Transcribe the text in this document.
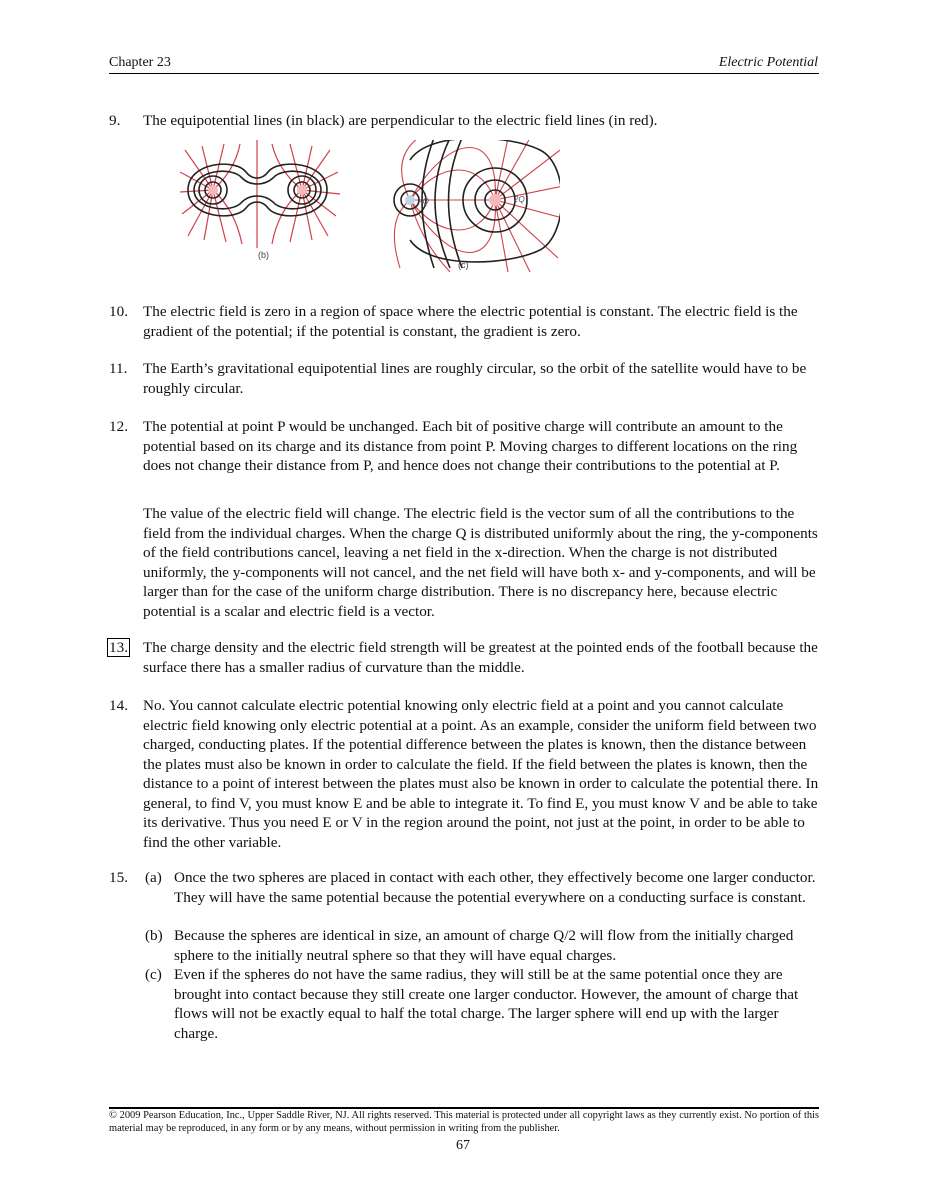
Chapter 23	Electric Potential
9. The equipotential lines (in black) are perpendicular to the electric field lines (in red).
(b)
−Q	2Q
(c)
10. The electric field is zero in a region of space where the electric potential is constant. The electric field is the gradient of the potential; if the potential is constant, the gradient is zero.
11. The Earth’s gravitational equipotential lines are roughly circular, so the orbit of the satellite would have to be roughly circular.
12. The potential at point P would be unchanged. Each bit of positive charge will contribute an amount to the potential based on its charge and its distance from point P. Moving charges to different locations on the ring does not change their distance from P, and hence does not change their contributions to the potential at P.
The value of the electric field will change. The electric field is the vector sum of all the contributions to the field from the individual charges. When the charge Q is distributed uniformly about the ring, the y-components of the field contributions cancel, leaving a net field in the x-direction. When the charge is not distributed uniformly, the y-components will not cancel, and the net field will have both x- and y-components, and will be larger than for the case of the uniform charge distribution. There is no discrepancy here, because electric potential is a scalar and electric field is a vector.
13. The charge density and the electric field strength will be greatest at the pointed ends of the football because the surface there has a smaller radius of curvature than the middle.
14. No. You cannot calculate electric potential knowing only electric field at a point and you cannot calculate electric field knowing only electric potential at a point. As an example, consider the uniform field between two charged, conducting plates. If the potential difference between the plates is known, then the distance between the plates must also be known in order to calculate the field. If the field between the plates is known, then the distance to a point of interest between the plates must also be known in order to calculate the potential there. In general, to find V, you must know E and be able to integrate it. To find E, you must know V and be able to take its derivative. Thus you need E or V in the region around the point, not just at the point, in order to be able to find the other variable.
15. (a) Once the two spheres are placed in contact with each other, they effectively become one larger conductor. They will have the same potential because the potential everywhere on a conducting surface is constant.
(b) Because the spheres are identical in size, an amount of charge Q/2 will flow from the initially charged sphere to the initially neutral sphere so that they will have equal charges.
(c) Even if the spheres do not have the same radius, they will still be at the same potential once they are brought into contact because they still create one larger conductor. However, the amount of charge that flows will not be exactly equal to half the total charge. The larger sphere will end up with the larger charge.
© 2009 Pearson Education, Inc., Upper Saddle River, NJ. All rights reserved. This material is protected under all copyright laws as they currently exist. No portion of this material may be reproduced, in any form or by any means, without permission in writing from the publisher.
67
